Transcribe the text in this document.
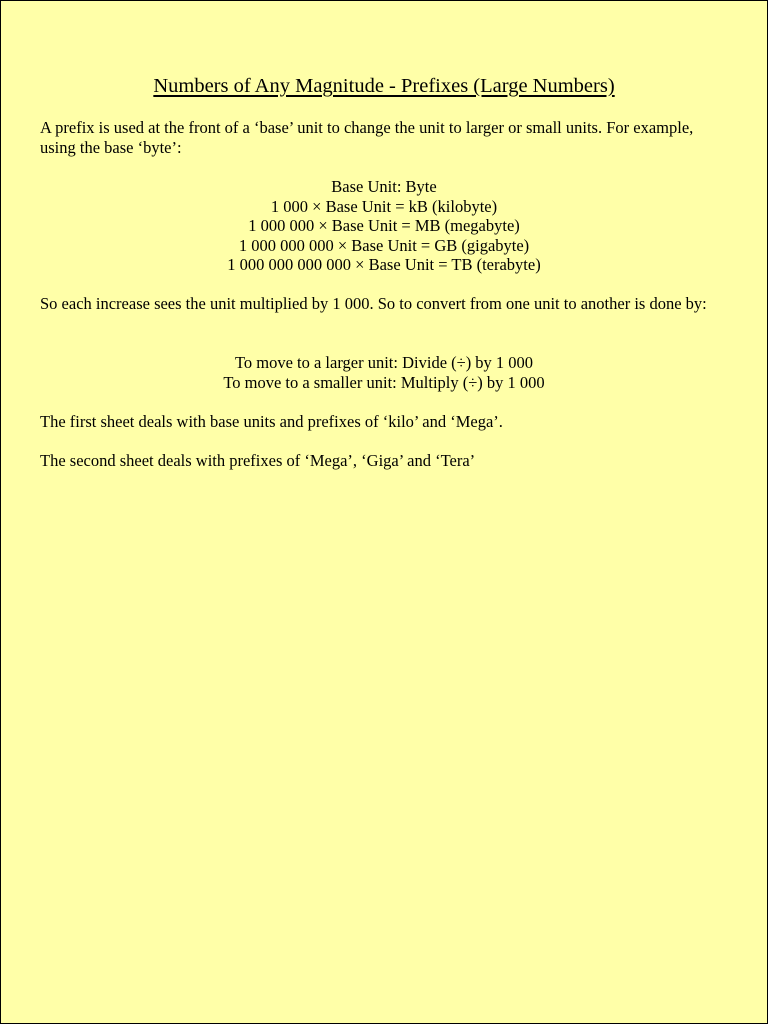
Numbers of Any Magnitude - Prefixes (Large Numbers)

A prefix is used at the front of a ‘base’ unit to change the unit to larger or small units. For example, using the base ‘byte’:

Base Unit: Byte
1 000 × Base Unit = kB (kilobyte)
1 000 000 × Base Unit = MB (megabyte)
1 000 000 000 × Base Unit = GB (gigabyte)
1 000 000 000 000 × Base Unit = TB (terabyte)

So each increase sees the unit multiplied by 1 000. So to convert from one unit to another is done by:

To move to a larger unit: Divide (÷) by 1 000
To move to a smaller unit: Multiply (÷) by 1 000

The first sheet deals with base units and prefixes of ‘kilo’ and ‘Mega’.

The second sheet deals with prefixes of ‘Mega’, ‘Giga’ and ‘Tera’
